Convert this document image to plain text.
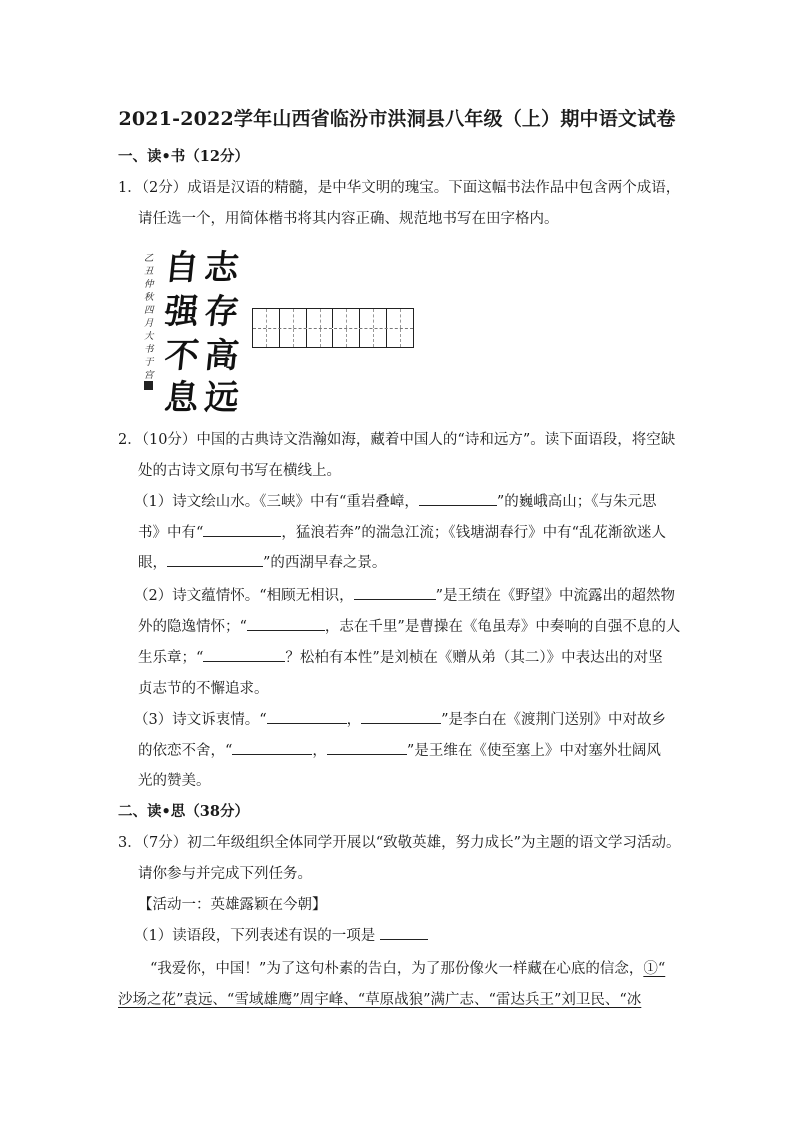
2021-2022学年山西省临汾市洪洞县八年级（上）期中语文试卷
一、读•书（12分）
1．（2分）成语是汉语的精髓，是中华文明的瑰宝。下面这幅书法作品中包含两个成语，
请任选一个，用简体楷书将其内容正确、规范地书写在田字格内。
乙丑仲秋四月大书于宫
自
强
不
息
志
存
高
远
2．（10分）中国的古典诗文浩瀚如海，藏着中国人的“诗和远方”。读下面语段，将空缺
处的古诗文原句书写在横线上。
（1）诗文绘山水。《三峡》中有“重岩叠嶂，	”的巍峨高山；《与朱元思
书》中有“	，猛浪若奔”的湍急江流；《钱塘湖春行》中有“乱花渐欲迷人
眼，	”的西湖早春之景。
（2）诗文蕴情怀。“相顾无相识，	”是王绩在《野望》中流露出的超然物
外的隐逸情怀；“	，志在千里”是曹操在《龟虽寿》中奏响的自强不息的人
生乐章；“	？松柏有本性”是刘桢在《赠从弟（其二）》中表达出的对坚
贞志节的不懈追求。
（3）诗文诉衷情。“	，	”是李白在《渡荆门送别》中对故乡
的依恋不舍，“	，	”是王维在《使至塞上》中对塞外壮阔风
光的赞美。
二、读•思（38分）
3．（7分）初二年级组织全体同学开展以“致敬英雄，努力成长”为主题的语文学习活动。
请你参与并完成下列任务。
【活动一：英雄露颖在今朝】
（1）读语段，下列表述有误的一项是
“我爱你，中国！”为了这句朴素的告白，为了那份像火一样藏在心底的信念，①“
沙场之花”袁远、“雪域雄鹰”周宇峰、“草原战狼”满广志、“雷达兵王”刘卫民、“冰
